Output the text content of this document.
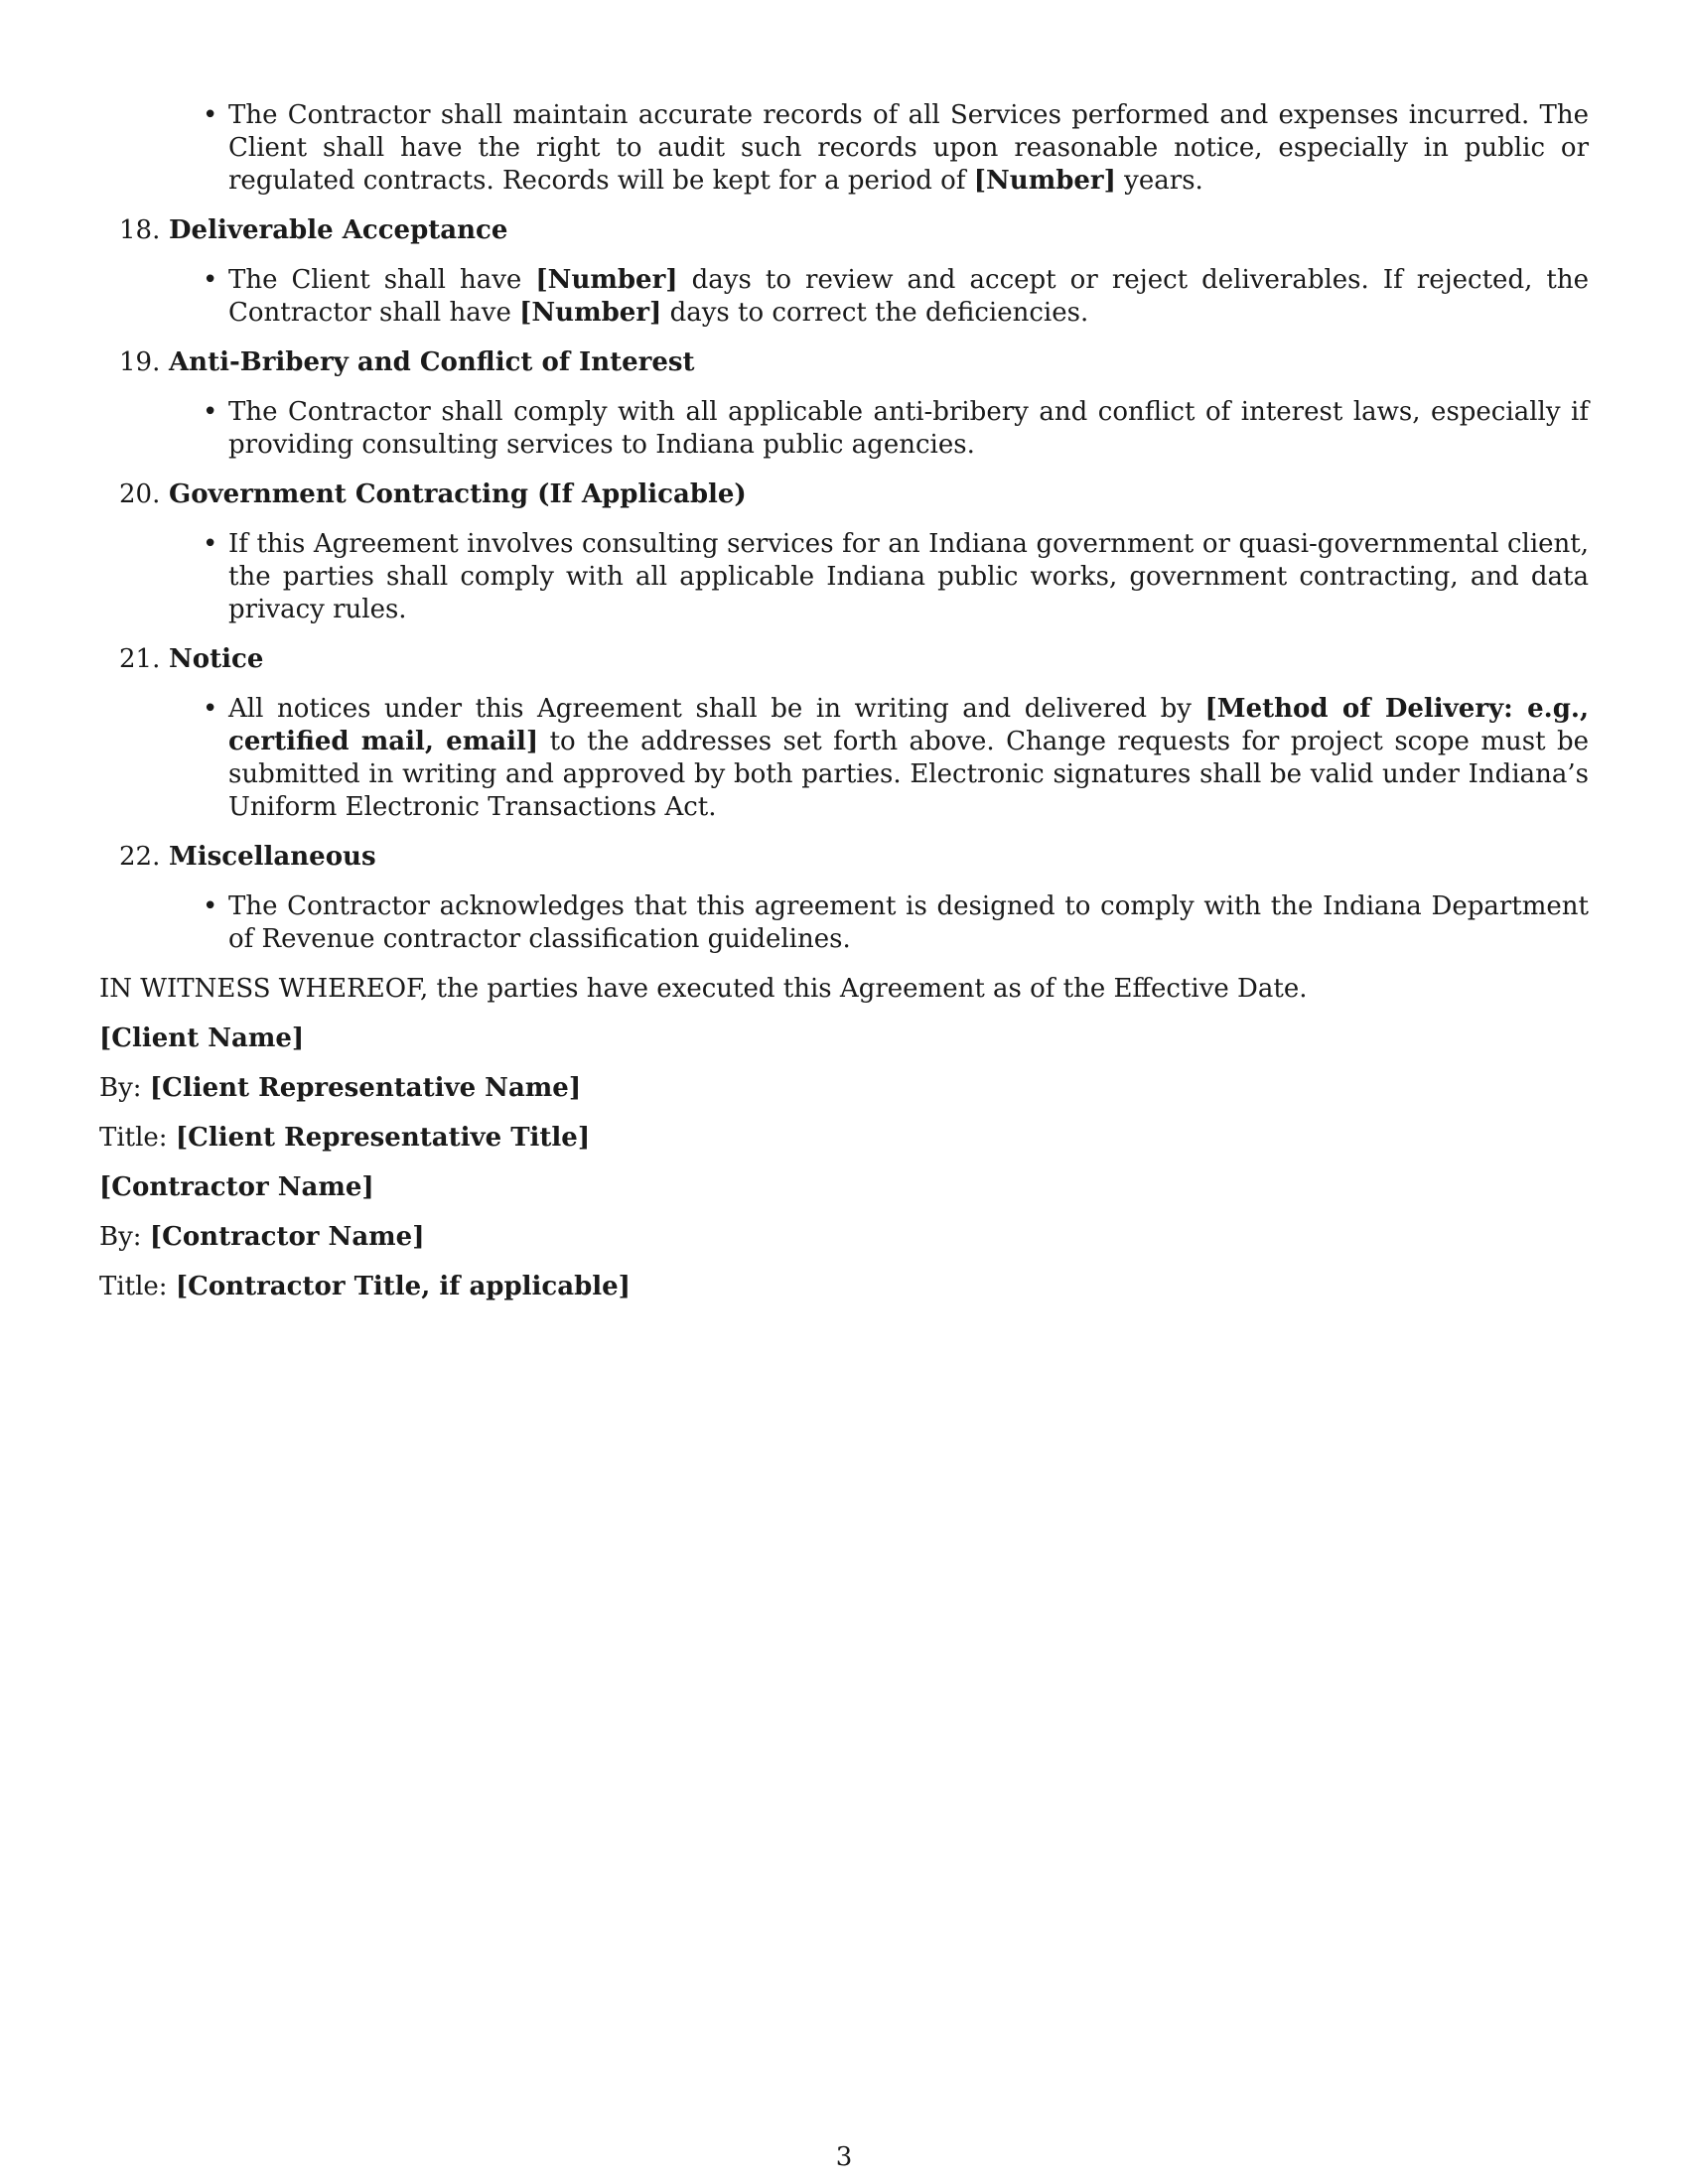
• The Contractor shall maintain accurate records of all Services performed and expenses incurred. The Client shall have the right to audit such records upon reasonable notice, especially in public or regulated contracts. Records will be kept for a period of [Number] years.
18. Deliverable Acceptance
• The Client shall have [Number] days to review and accept or reject deliverables. If rejected, the Contractor shall have [Number] days to correct the deficiencies.
19. Anti-Bribery and Conflict of Interest
• The Contractor shall comply with all applicable anti-bribery and conflict of interest laws, especially if providing consulting services to Indiana public agencies.
20. Government Contracting (If Applicable)
• If this Agreement involves consulting services for an Indiana government or quasi-governmental client, the parties shall comply with all applicable Indiana public works, government contracting, and data privacy rules.
21. Notice
• All notices under this Agreement shall be in writing and delivered by [Method of Delivery: e.g., certified mail, email] to the addresses set forth above. Change requests for project scope must be submitted in writing and approved by both parties. Electronic signatures shall be valid under Indiana’s Uniform Electronic Transactions Act.
22. Miscellaneous
• The Contractor acknowledges that this agreement is designed to comply with the Indiana Department of Revenue contractor classification guidelines.

IN WITNESS WHEREOF, the parties have executed this Agreement as of the Effective Date.

[Client Name]

By: [Client Representative Name]

Title: [Client Representative Title]

[Contractor Name]

By: [Contractor Name]

Title: [Contractor Title, if applicable]

3
